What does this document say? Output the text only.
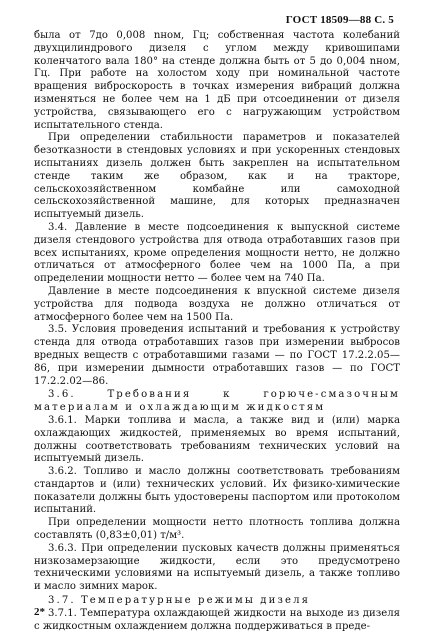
ГОСТ 18509—88 С. 5

была от 7до 0,008 nном, Гц; собственная частота колебаний двухцилиндрового дизеля с углом между кривошипами коленчатого вала 180° на стенде должна быть от 5 до 0,004 nном, Гц. При работе на холостом ходу при номинальной частоте вращения виброскорость в точках измерения вибраций должна изменяться не более чем на 1 дБ при отсоединении от дизеля устройства, связывающего его с нагружающим устройством испытательного стенда.

При определении стабильности параметров и показателей безотказности в стендовых условиях и при ускоренных стендовых испытаниях дизель должен быть закреплен на испытательном стенде таким же образом, как и на тракторе, сельскохозяйственном комбайне или самоходной сельскохозяйственной машине, для которых предназначен испытуемый дизель.

3.4. Давление в месте подсоединения к выпускной системе дизеля стендового устройства для отвода отработавших газов при всех испытаниях, кроме определения мощности нетто, не должно отличаться от атмосферного более чем на 1000 Па, а при определении мощности нетто — более чем на 740 Па.

Давление в месте подсоединения к впускной системе дизеля устройства для подвода воздуха не должно отличаться от атмосферного более чем на 1500 Па.

3.5. Условия проведения испытаний и требования к устройству стенда для отвода отработавших газов при измерении выбросов вредных веществ с отработавшими газами — по ГОСТ 17.2.2.05—86, при измерении дымности отработавших газов — по ГОСТ 17.2.2.02—86.

3.6. Требования к горюче-смазочным материалам и охлаждающим жидкостям

3.6.1. Марки топлива и масла, а также вид и (или) марка охлаждающих жидкостей, применяемых во время испытаний, должны соответствовать требованиям технических условий на испытуемый дизель.

3.6.2. Топливо и масло должны соответствовать требованиям стандартов и (или) технических условий. Их физико-химические показатели должны быть удостоверены паспортом или протоколом испытаний.

При определении мощности нетто плотность топлива должна составлять (0,83±0,01) т/м³.

3.6.3. При определении пусковых качеств должны применяться низкозамерзающие жидкости, если это предусмотрено техническими условиями на испытуемый дизель, а также топливо и масло зимних марок.

3.7. Температурные режимы дизеля

3.7.1. Температура охлаждающей жидкости на выходе из дизеля с жидкостным охлаждением должна поддерживаться в преде-

2*
